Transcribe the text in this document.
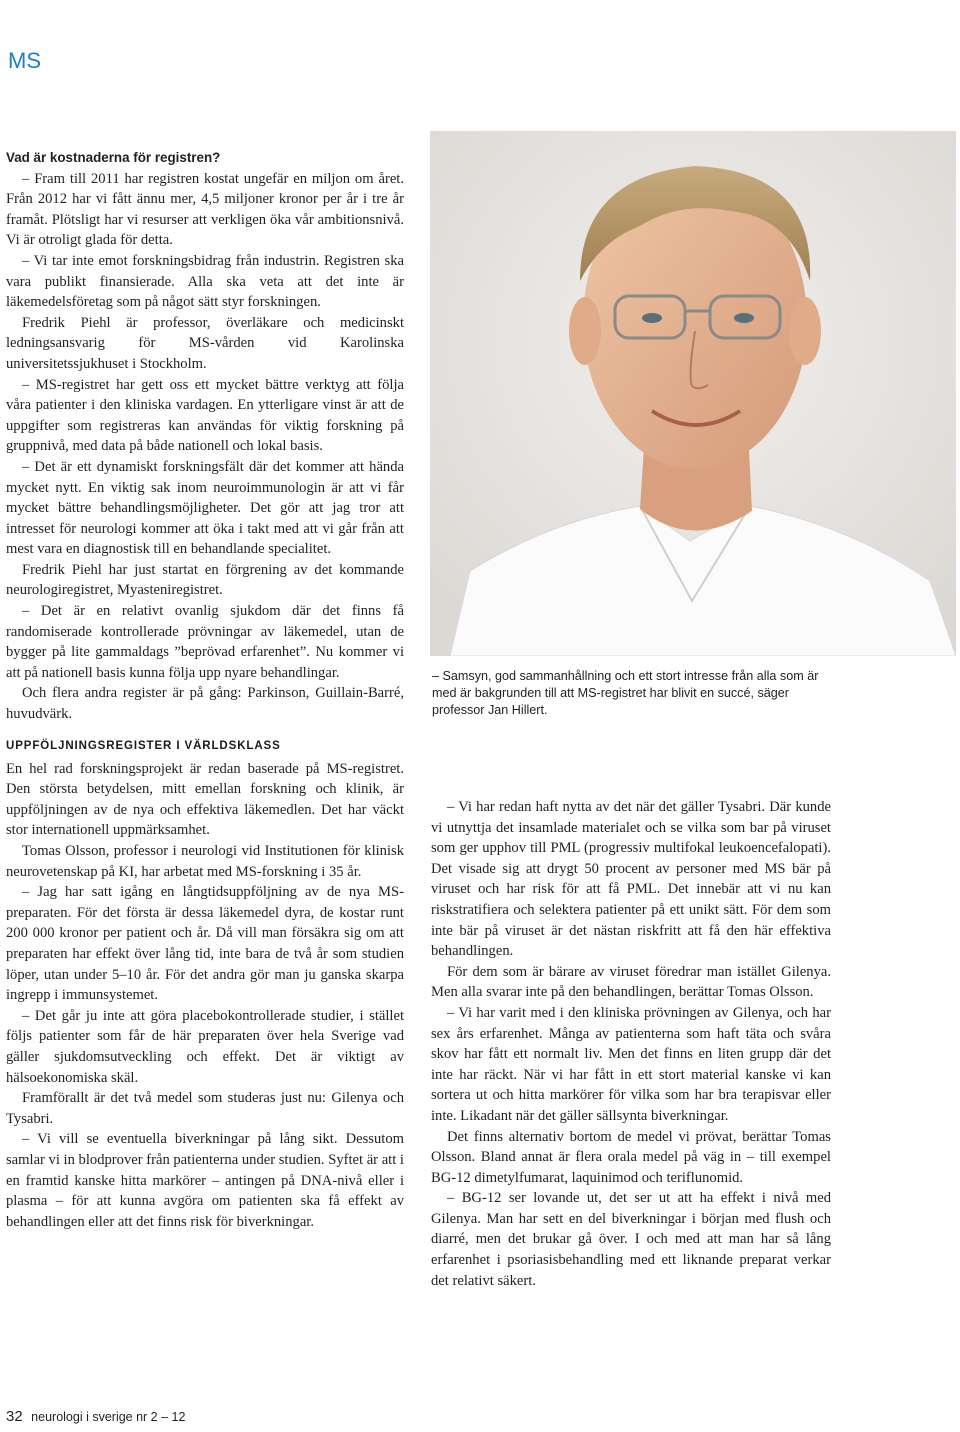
MS

Vad är kostnaderna för registren?

– Fram till 2011 har registren kostat ungefär en miljon om året. Från 2012 har vi fått ännu mer, 4,5 miljoner kronor per år i tre år framåt. Plötsligt har vi resurser att verkligen öka vår ambitionsnivå. Vi är otroligt glada för detta.

– Vi tar inte emot forskningsbidrag från industrin. Registren ska vara publikt finansierade. Alla ska veta att det inte är läkemedelsföretag som på något sätt styr forskningen.

Fredrik Piehl är professor, överläkare och medicinskt ledningsansvarig för MS-vården vid Karolinska universitetssjukhuset i Stockholm.

– MS-registret har gett oss ett mycket bättre verktyg att följa våra patienter i den kliniska vardagen. En ytterligare vinst är att de uppgifter som registreras kan användas för viktig forskning på gruppnivå, med data på både nationell och lokal basis.

– Det är ett dynamiskt forskningsfält där det kommer att hända mycket nytt. En viktig sak inom neuroimmunologin är att vi får mycket bättre behandlingsmöjligheter. Det gör att jag tror att intresset för neurologi kommer att öka i takt med att vi går från att mest vara en diagnostisk till en behandlande specialitet.

Fredrik Piehl har just startat en förgrening av det kommande neurologiregistret, Myasteniregistret.

– Det är en relativt ovanlig sjukdom där det finns få randomiserade kontrollerade prövningar av läkemedel, utan de bygger på lite gammaldags ”beprövad erfarenhet”. Nu kommer vi att på nationell basis kunna följa upp nyare behandlingar.

Och flera andra register är på gång: Parkinson, Guillain-Barré, huvudvärk.

UPPFÖLJNINGSREGISTER I VÄRLDSKLASS

En hel rad forskningsprojekt är redan baserade på MS-registret. Den största betydelsen, mitt emellan forskning och klinik, är uppföljningen av de nya och effektiva läkemedlen. Det har väckt stor internationell uppmärksamhet.

Tomas Olsson, professor i neurologi vid Institutionen för klinisk neurovetenskap på KI, har arbetat med MS-forskning i 35 år.

– Jag har satt igång en långtidsuppföljning av de nya MS-preparaten. För det första är dessa läkemedel dyra, de kostar runt 200 000 kronor per patient och år. Då vill man försäkra sig om att preparaten har effekt över lång tid, inte bara de två år som studien löper, utan under 5–10 år. För det andra gör man ju ganska skarpa ingrepp i immunsystemet.

– Det går ju inte att göra placebokontrollerade studier, i stället följs patienter som får de här preparaten över hela Sverige vad gäller sjukdomsutveckling och effekt. Det är viktigt av hälsoekonomiska skäl.

Framförallt är det två medel som studeras just nu: Gilenya och Tysabri.

– Vi vill se eventuella biverkningar på lång sikt. Dessutom samlar vi in blodprover från patienterna under studien. Syftet är att i en framtid kanske hitta markörer – antingen på DNA-nivå eller i plasma – för att kunna avgöra om patienten ska få effekt av behandlingen eller att det finns risk för biverkningar.

– Samsyn, god sammanhållning och ett stort intresse från alla som är med är bakgrunden till att MS-registret har blivit en succé, säger professor Jan Hillert.

– Vi har redan haft nytta av det när det gäller Tysabri. Där kunde vi utnyttja det insamlade materialet och se vilka som bar på viruset som ger upphov till PML (progressiv multifokal leukoencefalopati). Det visade sig att drygt 50 procent av personer med MS bär på viruset och har risk för att få PML. Det innebär att vi nu kan riskstratifiera och selektera patienter på ett unikt sätt. För dem som inte bär på viruset är det nästan riskfritt att få den här effektiva behandlingen.

För dem som är bärare av viruset föredrar man istället Gilenya. Men alla svarar inte på den behandlingen, berättar Tomas Olsson.

– Vi har varit med i den kliniska prövningen av Gilenya, och har sex års erfarenhet. Många av patienterna som haft täta och svåra skov har fått ett normalt liv. Men det finns en liten grupp där det inte har räckt. När vi har fått in ett stort material kanske vi kan sortera ut och hitta markörer för vilka som har bra terapisvar eller inte. Likadant när det gäller sällsynta biverkningar.

Det finns alternativ bortom de medel vi prövat, berättar Tomas Olsson. Bland annat är flera orala medel på väg in – till exempel BG-12 dimetylfumarat, laquinimod och teriflunomid.

– BG-12 ser lovande ut, det ser ut att ha effekt i nivå med Gilenya. Man har sett en del biverkningar i början med flush och diarré, men det brukar gå över. I och med att man har så lång erfarenhet i psoriasisbehandling med ett liknande preparat verkar det relativt säkert.

32 neurologi i sverige nr 2 – 12
